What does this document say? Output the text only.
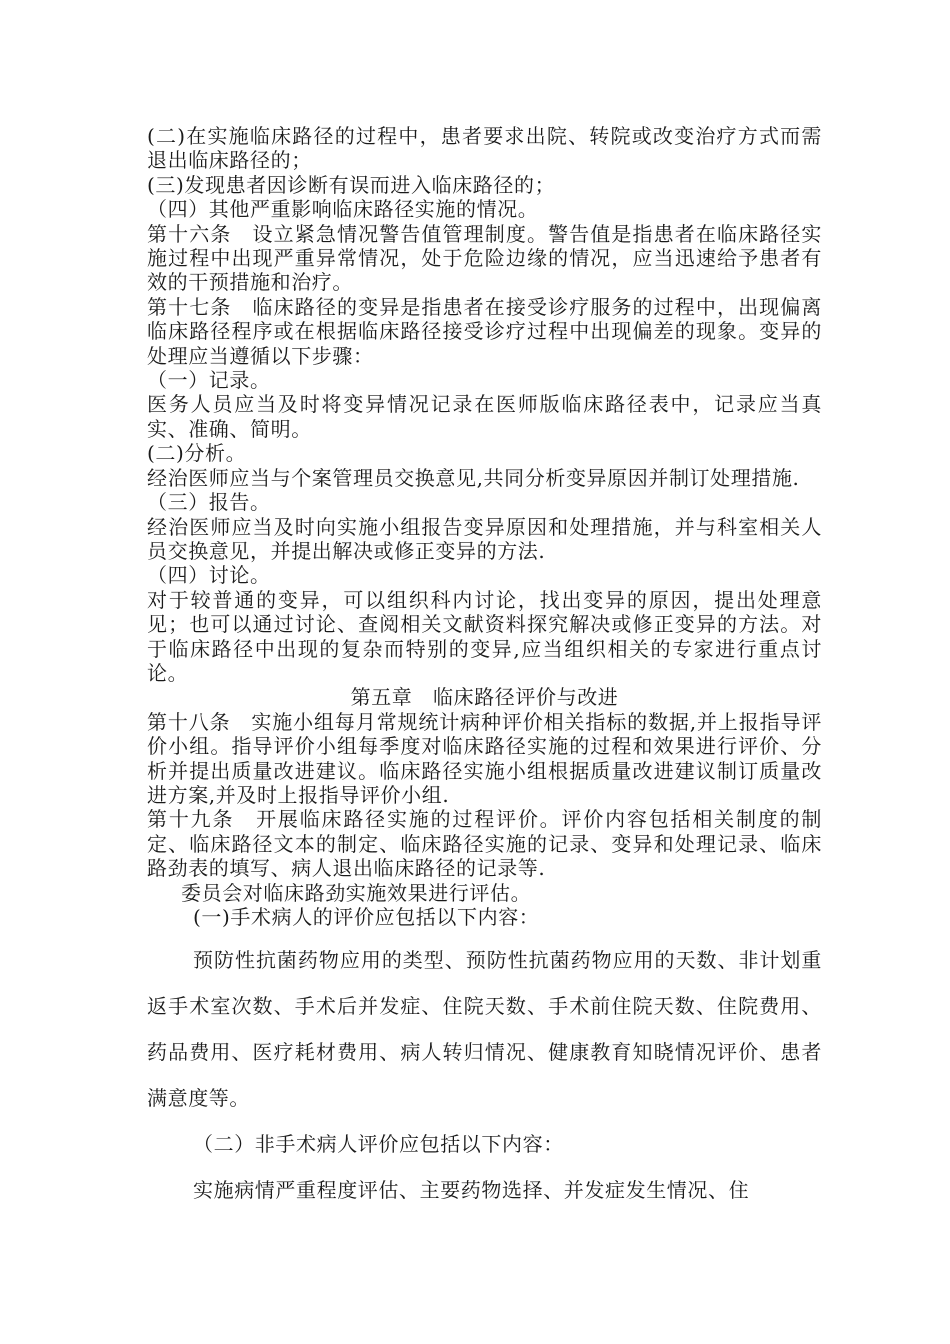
(二)在实施临床路径的过程中，患者要求出院、转院或改变治疗方式而需退出临床路径的；

(三)发现患者因诊断有误而进入临床路径的；

（四）其他严重影响临床路径实施的情况。

第十六条　设立紧急情况警告值管理制度。警告值是指患者在临床路径实施过程中出现严重异常情况，处于危险边缘的情况，应当迅速给予患者有效的干预措施和治疗。

第十七条　临床路径的变异是指患者在接受诊疗服务的过程中，出现偏离临床路径程序或在根据临床路径接受诊疗过程中出现偏差的现象。变异的处理应当遵循以下步骤：

（一）记录。

医务人员应当及时将变异情况记录在医师版临床路径表中，记录应当真实、准确、简明。

(二)分析。

经治医师应当与个案管理员交换意见,共同分析变异原因并制订处理措施.

（三）报告。

经治医师应当及时向实施小组报告变异原因和处理措施，并与科室相关人员交换意见，并提出解决或修正变异的方法.

（四）讨论。

对于较普通的变异，可以组织科内讨论，找出变异的原因，提出处理意见；也可以通过讨论、查阅相关文献资料探究解决或修正变异的方法。对于临床路径中出现的复杂而特别的变异,应当组织相关的专家进行重点讨论。

第五章　临床路径评价与改进

第十八条　实施小组每月常规统计病种评价相关指标的数据,并上报指导评价小组。指导评价小组每季度对临床路径实施的过程和效果进行评价、分析并提出质量改进建议。临床路径实施小组根据质量改进建议制订质量改进方案,并及时上报指导评价小组.

第十九条　开展临床路径实施的过程评价。评价内容包括相关制度的制定、临床路径文本的制定、临床路径实施的记录、变异和处理记录、临床路劲表的填写、病人退出临床路径的记录等.

委员会对临床路劲实施效果进行评估。

(一)手术病人的评价应包括以下内容：

预防性抗菌药物应用的类型、预防性抗菌药物应用的天数、非计划重返手术室次数、手术后并发症、住院天数、手术前住院天数、住院费用、药品费用、医疗耗材费用、病人转归情况、健康教育知晓情况评价、患者满意度等。

（二）非手术病人评价应包括以下内容：

实施病情严重程度评估、主要药物选择、并发症发生情况、住
